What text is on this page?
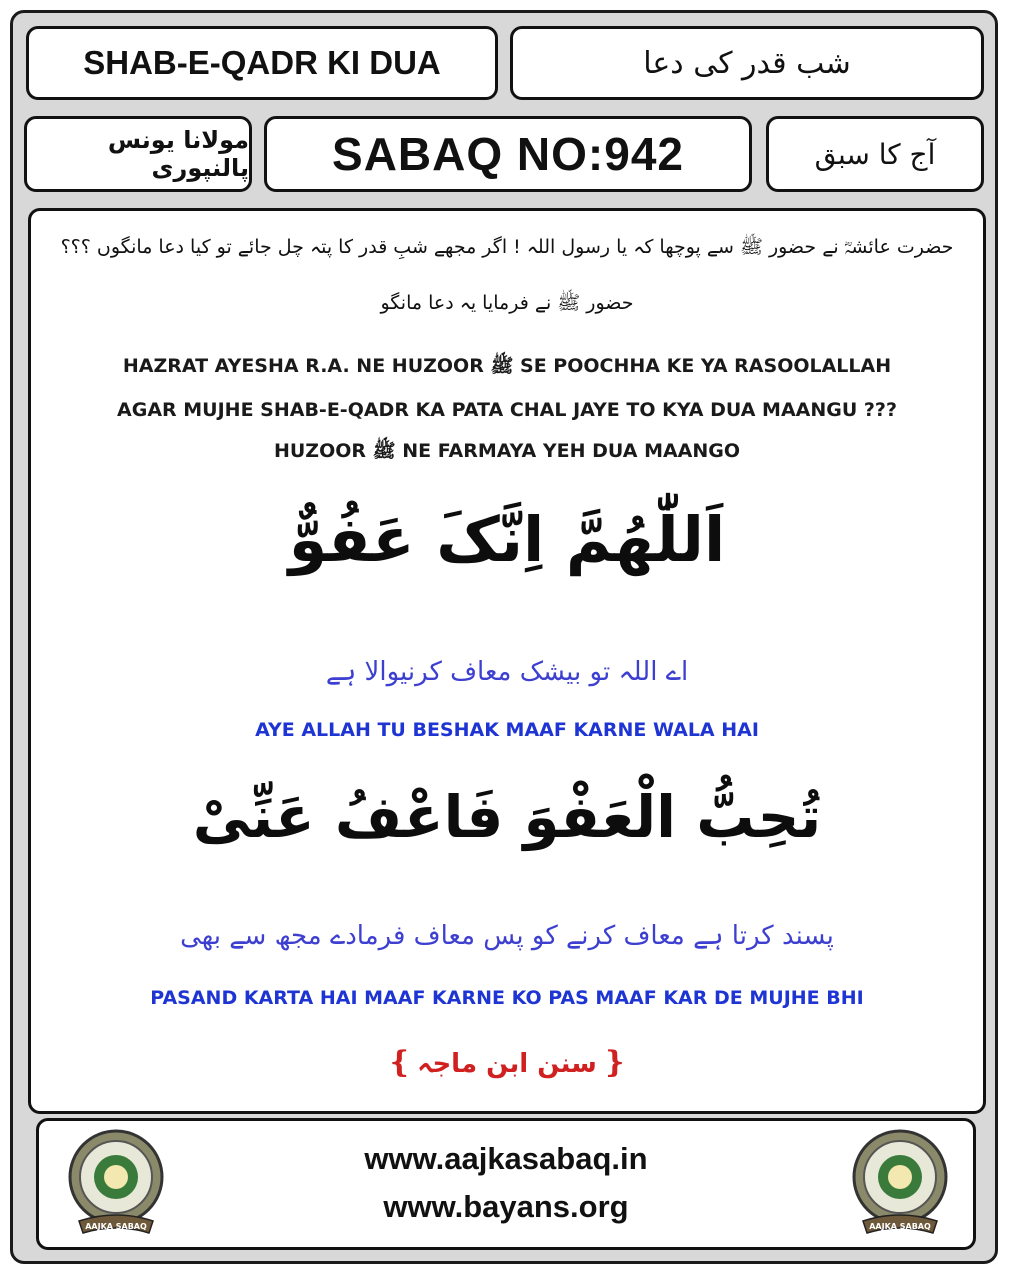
SHAB-E-QADR KI DUA	شب قدر کی دعا
مولانا یونس پالنپوری SABAQ NO:942	آج کا سبق
حضرت عائشہؓ نے حضور ﷺ سے پوچھا کہ یا رسول اللہ ! اگر مجھے شبِ قدر کا پتہ چل جائے تو کیا دعا مانگوں ؟؟؟
حضور ﷺ نے فرمایا یہ دعا مانگو
HAZRAT AYESHA R.A. NE HUZOOR ﷺ SE POOCHHA KE YA RASOOLALLAH
AGAR MUJHE SHAB-E-QADR KA PATA CHAL JAYE TO KYA DUA MAANGU ???
HUZOOR ﷺ NE FARMAYA YEH DUA MAANGO
اَللّٰھُمَّ اِنَّکَ عَفُوٌّ
اے اللہ تو بیشک معاف کرنیوالا ہے
AYE ALLAH TU BESHAK MAAF KARNE WALA HAI
تُحِبُّ الْعَفْوَ فَاعْفُ عَنِّیْ
پسند کرتا ہے معاف کرنے کو پس معاف فرمادے مجھ سے بھی
PASAND KARTA HAI MAAF KARNE KO PAS MAAF KAR DE MUJHE BHI
❴ سنن ابن ماجہ ❵
AAJKA SABAQ
www.aajkasabaq.in
www.bayans.org
AAJKA SABAQ
